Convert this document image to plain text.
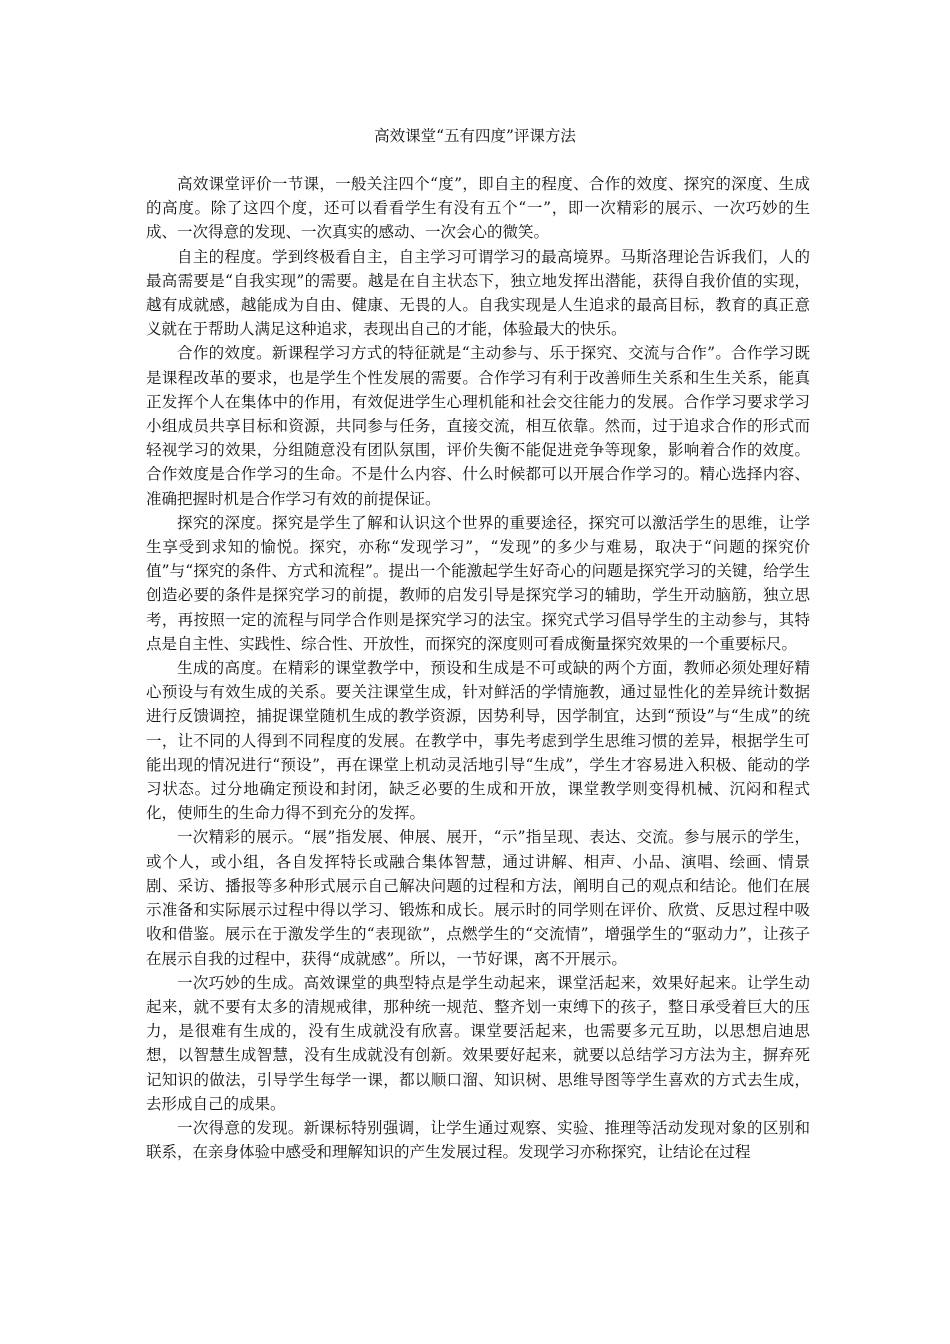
高效课堂“五有四度”评课方法

高效课堂评价一节课，一般关注四个“度”，即自主的程度、合作的效度、探究的深度、生成的高度。除了这四个度，还可以看看学生有没有五个“一”，即一次精彩的展示、一次巧妙的生成、一次得意的发现、一次真实的感动、一次会心的微笑。

自主的程度。学到终极看自主，自主学习可谓学习的最高境界。马斯洛理论告诉我们，人的最高需要是“自我实现”的需要。越是在自主状态下，独立地发挥出潜能，获得自我价值的实现，越有成就感，越能成为自由、健康、无畏的人。自我实现是人生追求的最高目标，教育的真正意义就在于帮助人满足这种追求，表现出自己的才能，体验最大的快乐。

合作的效度。新课程学习方式的特征就是“主动参与、乐于探究、交流与合作”。合作学习既是课程改革的要求，也是学生个性发展的需要。合作学习有利于改善师生关系和生生关系，能真正发挥个人在集体中的作用，有效促进学生心理机能和社会交往能力的发展。合作学习要求学习小组成员共享目标和资源，共同参与任务，直接交流，相互依靠。然而，过于追求合作的形式而轻视学习的效果，分组随意没有团队氛围，评价失衡不能促进竞争等现象，影响着合作的效度。合作效度是合作学习的生命。不是什么内容、什么时候都可以开展合作学习的。精心选择内容、准确把握时机是合作学习有效的前提保证。

探究的深度。探究是学生了解和认识这个世界的重要途径，探究可以激活学生的思维，让学生享受到求知的愉悦。探究，亦称“发现学习”，“发现”的多少与难易，取决于“问题的探究价值”与“探究的条件、方式和流程”。提出一个能激起学生好奇心的问题是探究学习的关键，给学生创造必要的条件是探究学习的前提，教师的启发引导是探究学习的辅助，学生开动脑筋，独立思考，再按照一定的流程与同学合作则是探究学习的法宝。探究式学习倡导学生的主动参与，其特点是自主性、实践性、综合性、开放性，而探究的深度则可看成衡量探究效果的一个重要标尺。

生成的高度。在精彩的课堂教学中，预设和生成是不可或缺的两个方面，教师必须处理好精心预设与有效生成的关系。要关注课堂生成，针对鲜活的学情施教，通过显性化的差异统计数据进行反馈调控，捕捉课堂随机生成的教学资源，因势利导，因学制宜，达到“预设”与“生成”的统一，让不同的人得到不同程度的发展。在教学中，事先考虑到学生思维习惯的差异，根据学生可能出现的情况进行“预设”，再在课堂上机动灵活地引导“生成”，学生才容易进入积极、能动的学习状态。过分地确定预设和封闭，缺乏必要的生成和开放，课堂教学则变得机械、沉闷和程式化，使师生的生命力得不到充分的发挥。

一次精彩的展示。“展”指发展、伸展、展开，“示”指呈现、表达、交流。参与展示的学生，或个人，或小组，各自发挥特长或融合集体智慧，通过讲解、相声、小品、演唱、绘画、情景剧、采访、播报等多种形式展示自己解决问题的过程和方法，阐明自己的观点和结论。他们在展示准备和实际展示过程中得以学习、锻炼和成长。展示时的同学则在评价、欣赏、反思过程中吸收和借鉴。展示在于激发学生的“表现欲”，点燃学生的“交流情”，增强学生的“驱动力”，让孩子在展示自我的过程中，获得“成就感”。所以，一节好课，离不开展示。

一次巧妙的生成。高效课堂的典型特点是学生动起来，课堂活起来，效果好起来。让学生动起来，就不要有太多的清规戒律，那种统一规范、整齐划一束缚下的孩子，整日承受着巨大的压力，是很难有生成的，没有生成就没有欣喜。课堂要活起来，也需要多元互助，以思想启迪思想，以智慧生成智慧，没有生成就没有创新。效果要好起来，就要以总结学习方法为主，摒弃死记知识的做法，引导学生每学一课，都以顺口溜、知识树、思维导图等学生喜欢的方式去生成，去形成自己的成果。

一次得意的发现。新课标特别强调，让学生通过观察、实验、推理等活动发现对象的区别和联系，在亲身体验中感受和理解知识的产生发展过程。发现学习亦称探究，让结论在过程
